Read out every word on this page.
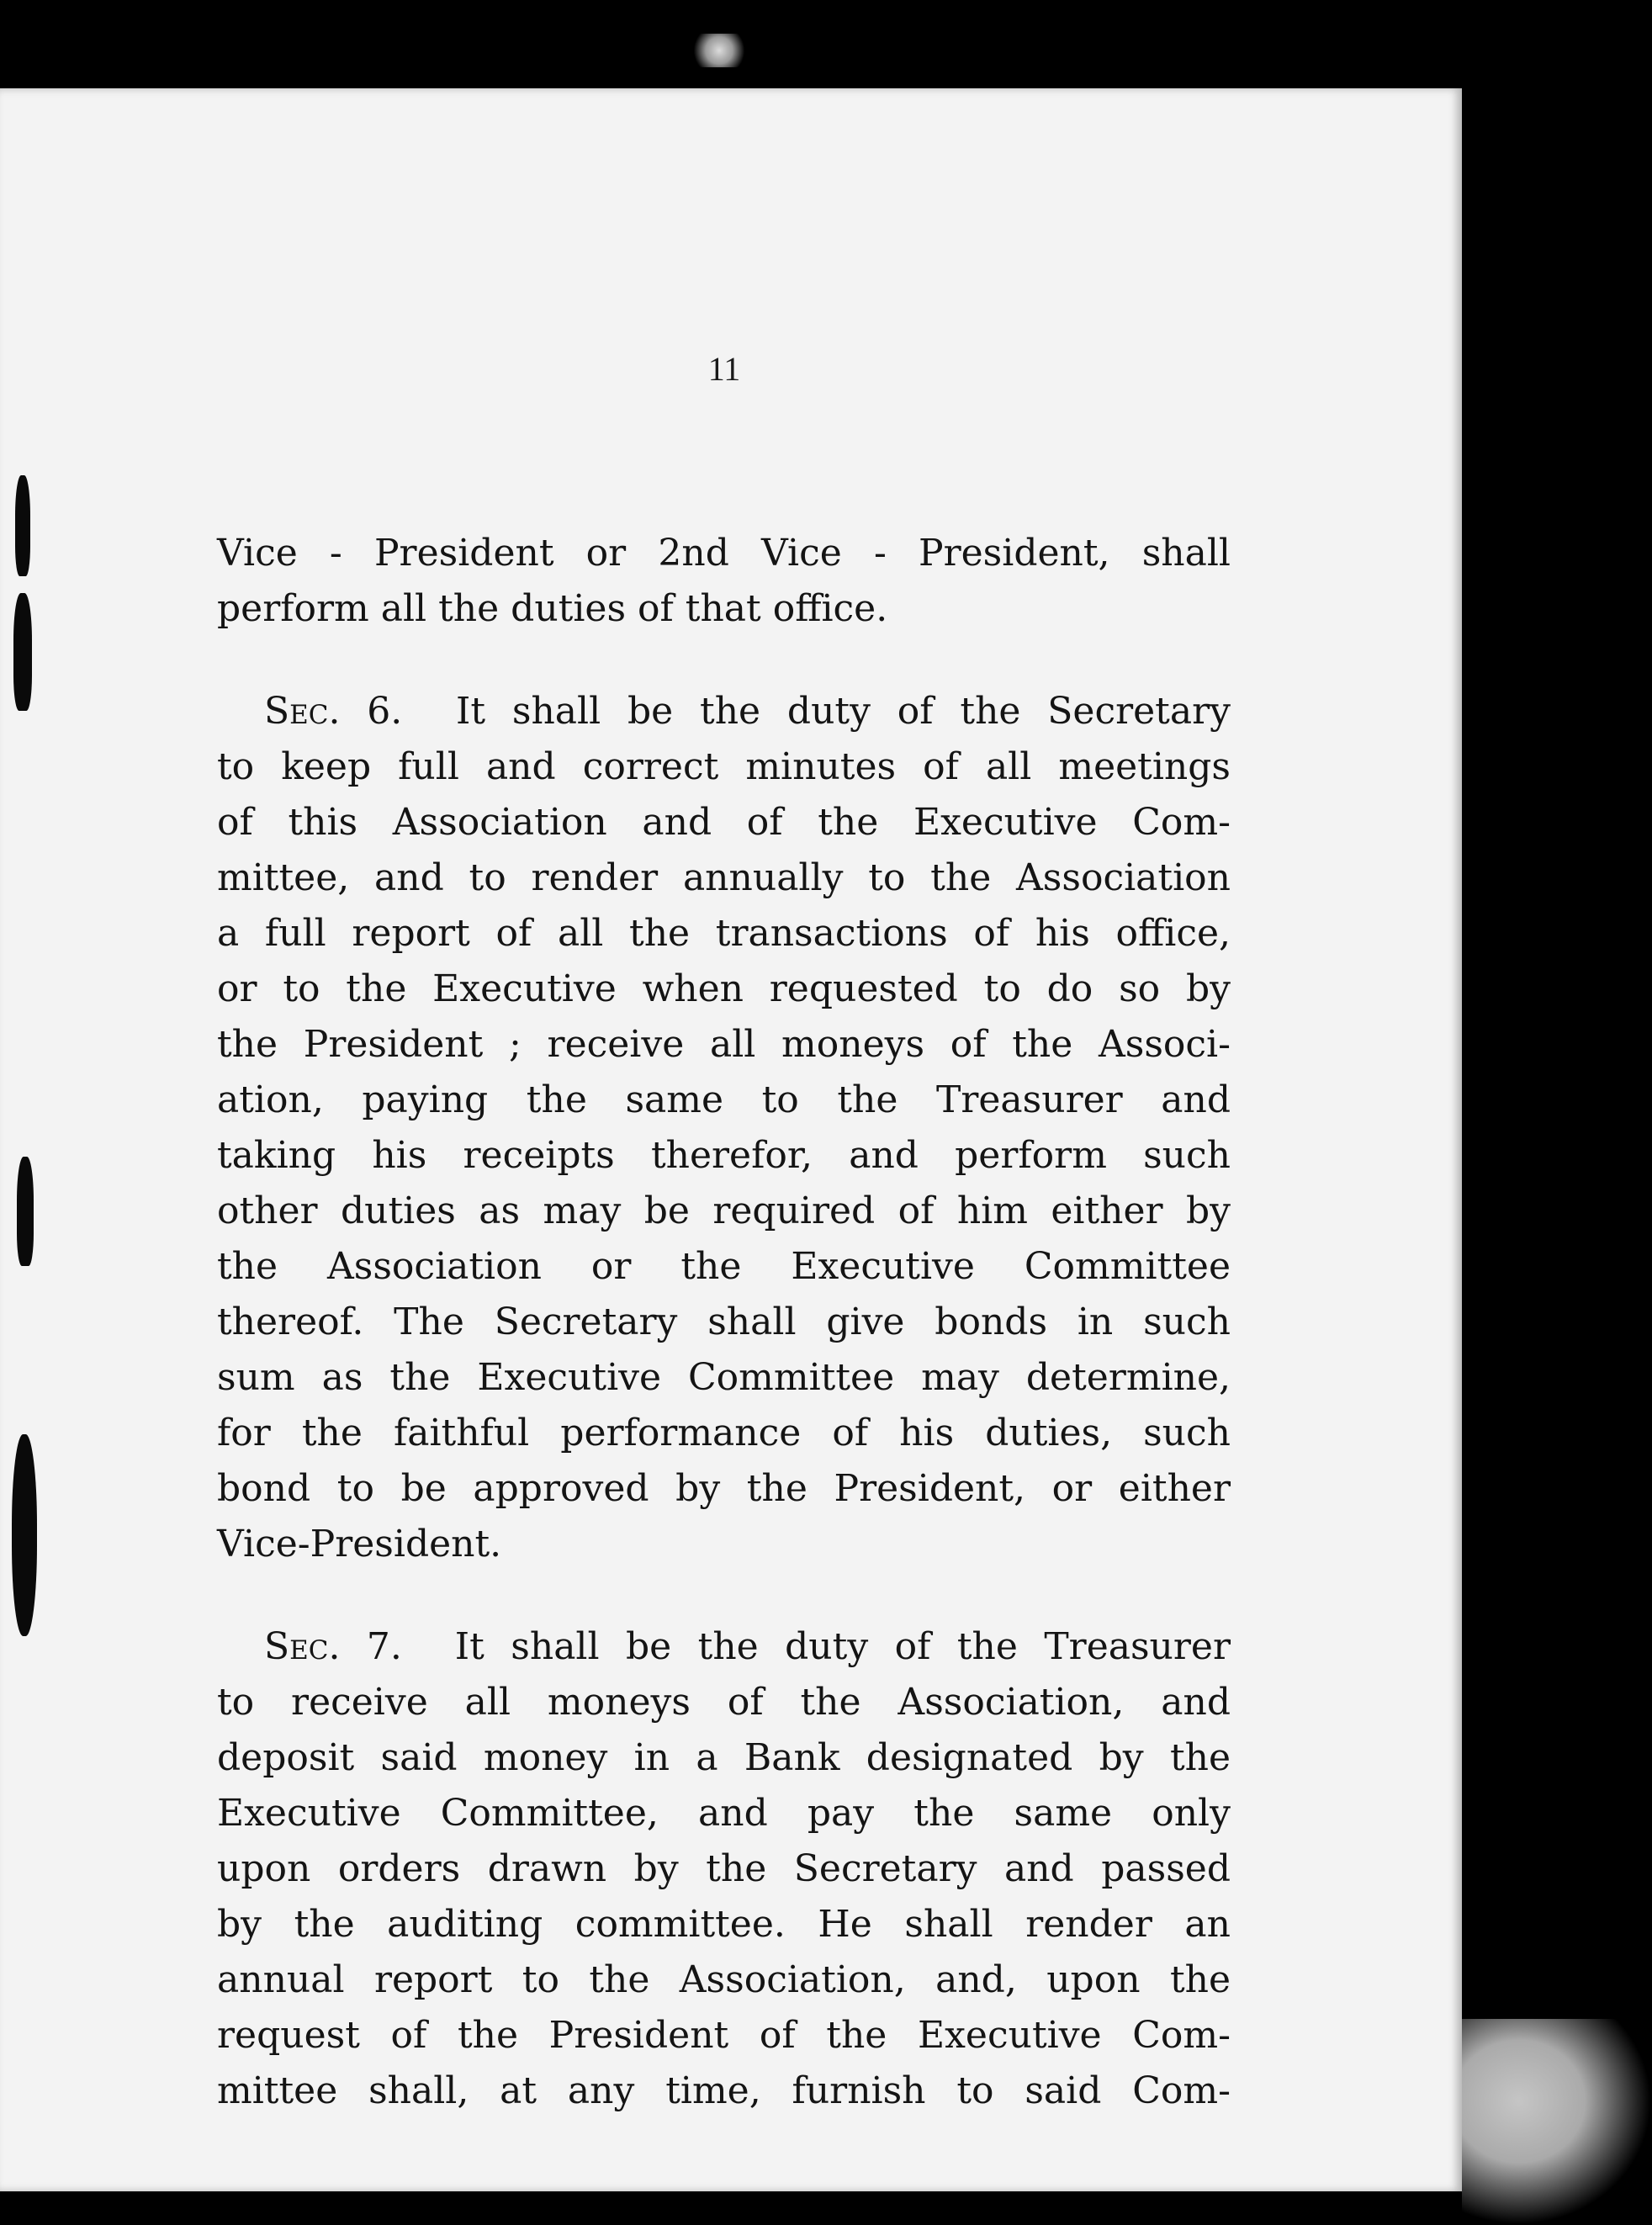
11

Vice - President or 2nd Vice - President, shall
perform all the duties of that office.

Sec. 6. It shall be the duty of the Secretary
to keep full and correct minutes of all meetings
of this Association and of the Executive Com-
mittee, and to render annually to the Association
a full report of all the transactions of his office,
or to the Executive when requested to do so by
the President ; receive all moneys of the Associ-
ation, paying the same to the Treasurer and
taking his receipts therefor, and perform such
other duties as may be required of him either by
the Association or the Executive Committee
thereof. The Secretary shall give bonds in such
sum as the Executive Committee may determine,
for the faithful performance of his duties, such
bond to be approved by the President, or either
Vice-President.

Sec. 7. It shall be the duty of the Treasurer
to receive all moneys of the Association, and
deposit said money in a Bank designated by the
Executive Committee, and pay the same only
upon orders drawn by the Secretary and passed
by the auditing committee. He shall render an
annual report to the Association, and, upon the
request of the President of the Executive Com-
mittee shall, at any time, furnish to said Com-
